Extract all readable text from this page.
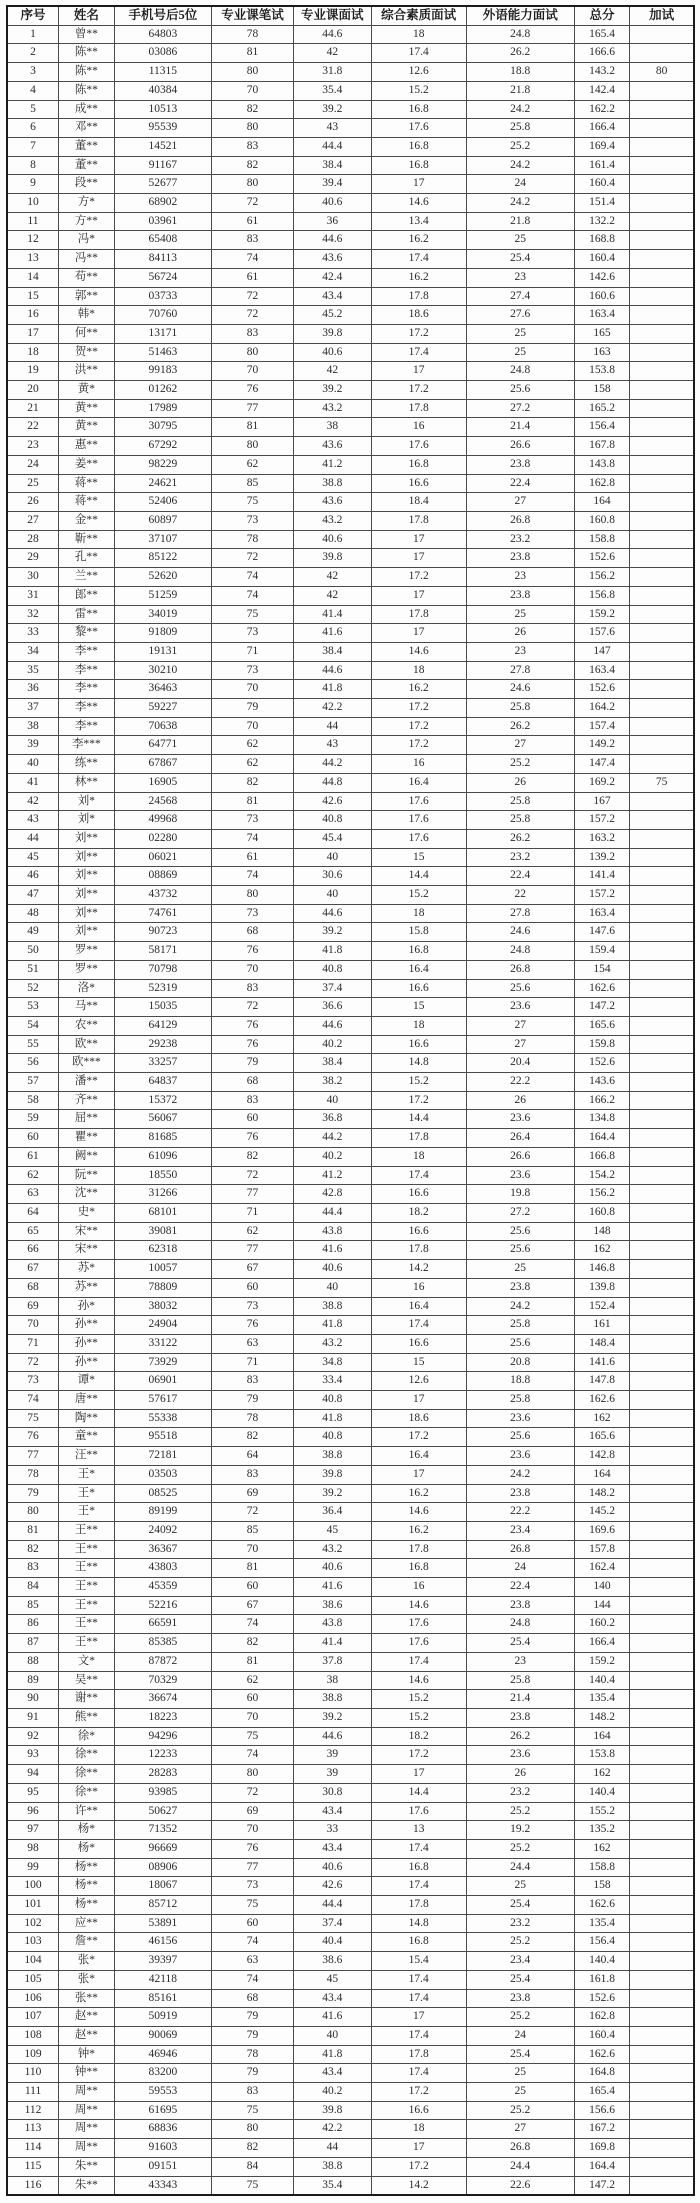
序号	姓名	手机号后5位	专业课笔试	专业课面试	综合素质面试	外语能力面试	总分	加试
1	曾**	64803	78	44.6	18	24.8	165.4	
2	陈**	03086	81	42	17.4	26.2	166.6	
3	陈**	11315	80	31.8	12.6	18.8	143.2	80
4	陈**	40384	70	35.4	15.2	21.8	142.4	
5	成**	10513	82	39.2	16.8	24.2	162.2	
6	邓**	95539	80	43	17.6	25.8	166.4	
7	董**	14521	83	44.4	16.8	25.2	169.4	
8	董**	91167	82	38.4	16.8	24.2	161.4	
9	段**	52677	80	39.4	17	24	160.4	
10	方*	68902	72	40.6	14.6	24.2	151.4	
11	方**	03961	61	36	13.4	21.8	132.2	
12	冯*	65408	83	44.6	16.2	25	168.8	
13	冯**	84113	74	43.6	17.4	25.4	160.4	
14	苟**	56724	61	42.4	16.2	23	142.6	
15	郭**	03733	72	43.4	17.8	27.4	160.6	
16	韩*	70760	72	45.2	18.6	27.6	163.4	
17	何**	13171	83	39.8	17.2	25	165	
18	贺**	51463	80	40.6	17.4	25	163	
19	洪**	99183	70	42	17	24.8	153.8	
20	黄*	01262	76	39.2	17.2	25.6	158	
21	黄**	17989	77	43.2	17.8	27.2	165.2	
22	黄**	30795	81	38	16	21.4	156.4	
23	惠**	67292	80	43.6	17.6	26.6	167.8	
24	姜**	98229	62	41.2	16.8	23.8	143.8	
25	蒋**	24621	85	38.8	16.6	22.4	162.8	
26	蒋**	52406	75	43.6	18.4	27	164	
27	金**	60897	73	43.2	17.8	26.8	160.8	
28	靳**	37107	78	40.6	17	23.2	158.8	
29	孔**	85122	72	39.8	17	23.8	152.6	
30	兰**	52620	74	42	17.2	23	156.2	
31	郎**	51259	74	42	17	23.8	156.8	
32	雷**	34019	75	41.4	17.8	25	159.2	
33	黎**	91809	73	41.6	17	26	157.6	
34	李**	19131	71	38.4	14.6	23	147	
35	李**	30210	73	44.6	18	27.8	163.4	
36	李**	36463	70	41.8	16.2	24.6	152.6	
37	李**	59227	79	42.2	17.2	25.8	164.2	
38	李**	70638	70	44	17.2	26.2	157.4	
39	李***	64771	62	43	17.2	27	149.2	
40	练**	67867	62	44.2	16	25.2	147.4	
41	林**	16905	82	44.8	16.4	26	169.2	75
42	刘*	24568	81	42.6	17.6	25.8	167	
43	刘*	49968	73	40.8	17.6	25.8	157.2	
44	刘**	02280	74	45.4	17.6	26.2	163.2	
45	刘**	06021	61	40	15	23.2	139.2	
46	刘**	08869	74	30.6	14.4	22.4	141.4	
47	刘**	43732	80	40	15.2	22	157.2	
48	刘**	74761	73	44.6	18	27.8	163.4	
49	刘**	90723	68	39.2	15.8	24.6	147.6	
50	罗**	58171	76	41.8	16.8	24.8	159.4	
51	罗**	70798	70	40.8	16.4	26.8	154	
52	洛*	52319	83	37.4	16.6	25.6	162.6	
53	马**	15035	72	36.6	15	23.6	147.2	
54	农**	64129	76	44.6	18	27	165.6	
55	欧**	29238	76	40.2	16.6	27	159.8	
56	欧***	33257	79	38.4	14.8	20.4	152.6	
57	潘**	64837	68	38.2	15.2	22.2	143.6	
58	齐**	15372	83	40	17.2	26	166.2	
59	屈**	56067	60	36.8	14.4	23.6	134.8	
60	瞿**	81685	76	44.2	17.8	26.4	164.4	
61	阙**	61096	82	40.2	18	26.6	166.8	
62	阮**	18550	72	41.2	17.4	23.6	154.2	
63	沈**	31266	77	42.8	16.6	19.8	156.2	
64	史*	68101	71	44.4	18.2	27.2	160.8	
65	宋**	39081	62	43.8	16.6	25.6	148	
66	宋**	62318	77	41.6	17.8	25.6	162	
67	苏*	10057	67	40.6	14.2	25	146.8	
68	苏**	78809	60	40	16	23.8	139.8	
69	孙*	38032	73	38.8	16.4	24.2	152.4	
70	孙**	24904	76	41.8	17.4	25.8	161	
71	孙**	33122	63	43.2	16.6	25.6	148.4	
72	孙**	73929	71	34.8	15	20.8	141.6	
73	谭*	06901	83	33.4	12.6	18.8	147.8	
74	唐**	57617	79	40.8	17	25.8	162.6	
75	陶**	55338	78	41.8	18.6	23.6	162	
76	童**	95518	82	40.8	17.2	25.6	165.6	
77	汪**	72181	64	38.8	16.4	23.6	142.8	
78	王*	03503	83	39.8	17	24.2	164	
79	王*	08525	69	39.2	16.2	23.8	148.2	
80	王*	89199	72	36.4	14.6	22.2	145.2	
81	王**	24092	85	45	16.2	23.4	169.6	
82	王**	36367	70	43.2	17.8	26.8	157.8	
83	王**	43803	81	40.6	16.8	24	162.4	
84	王**	45359	60	41.6	16	22.4	140	
85	王**	52216	67	38.6	14.6	23.8	144	
86	王**	66591	74	43.8	17.6	24.8	160.2	
87	王**	85385	82	41.4	17.6	25.4	166.4	
88	文*	87872	81	37.8	17.4	23	159.2	
89	吴**	70329	62	38	14.6	25.8	140.4	
90	谢**	36674	60	38.8	15.2	21.4	135.4	
91	熊**	18223	70	39.2	15.2	23.8	148.2	
92	徐*	94296	75	44.6	18.2	26.2	164	
93	徐**	12233	74	39	17.2	23.6	153.8	
94	徐**	28283	80	39	17	26	162	
95	徐**	93985	72	30.8	14.4	23.2	140.4	
96	许**	50627	69	43.4	17.6	25.2	155.2	
97	杨*	71352	70	33	13	19.2	135.2	
98	杨*	96669	76	43.4	17.4	25.2	162	
99	杨**	08906	77	40.6	16.8	24.4	158.8	
100	杨**	18067	73	42.6	17.4	25	158	
101	杨**	85712	75	44.4	17.8	25.4	162.6	
102	应**	53891	60	37.4	14.8	23.2	135.4	
103	詹**	46156	74	40.4	16.8	25.2	156.4	
104	张*	39397	63	38.6	15.4	23.4	140.4	
105	张*	42118	74	45	17.4	25.4	161.8	
106	张**	85161	68	43.4	17.4	23.8	152.6	
107	赵**	50919	79	41.6	17	25.2	162.8	
108	赵**	90069	79	40	17.4	24	160.4	
109	钟*	46946	78	41.8	17.8	25.4	162.6	
110	钟**	83200	79	43.4	17.4	25	164.8	
111	周**	59553	83	40.2	17.2	25	165.4	
112	周**	61695	75	39.8	16.6	25.2	156.6	
113	周**	68836	80	42.2	18	27	167.2	
114	周**	91603	82	44	17	26.8	169.8	
115	朱**	09151	84	38.8	17.2	24.4	164.4	
116	朱**	43343	75	35.4	14.2	22.6	147.2	
